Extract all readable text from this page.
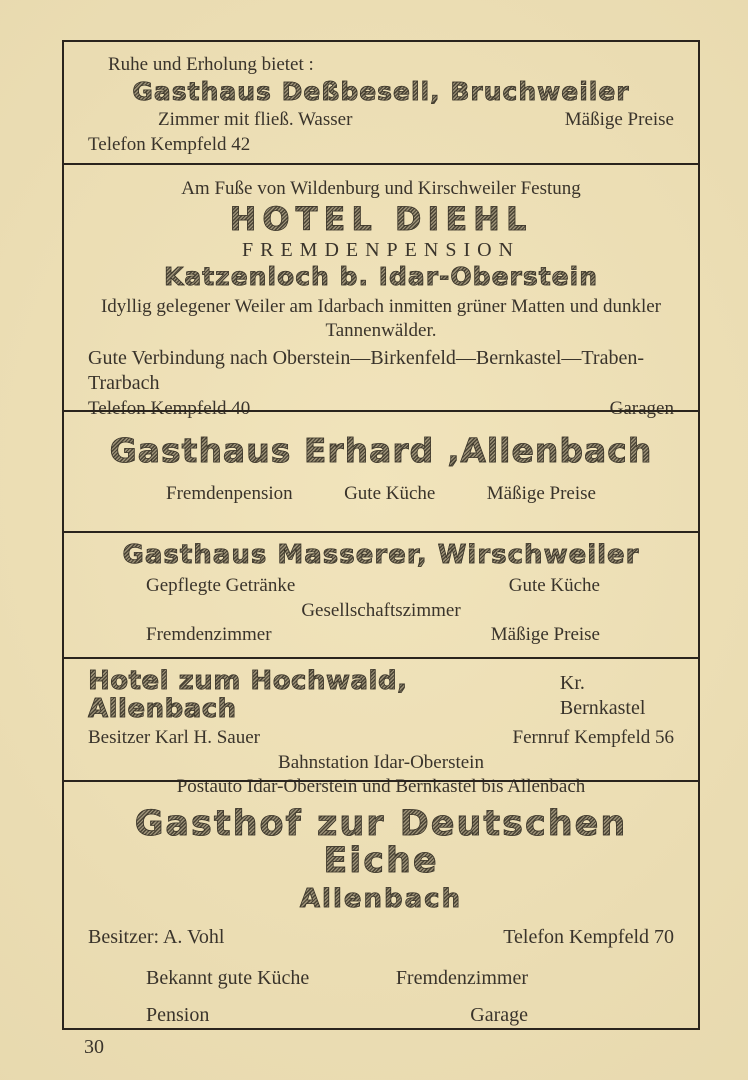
Ruhe und Erholung bietet :
Gasthaus Deßbesell, Bruchweiler
Zimmer mit fließ. Wasser	Mäßige Preise
Telefon Kempfeld 42
Am Fuße von Wildenburg und Kirschweiler Festung
HOTEL DIEHL
FREMDENPENSION
Katzenloch b. Idar-Oberstein
Idyllig gelegener Weiler am Idarbach inmitten grüner Matten und dunkler Tannenwälder.
Gute Verbindung nach Oberstein—Birkenfeld—Bernkastel—Traben-Trarbach
Telefon Kempfeld 40	Garagen
Gasthaus Erhard ‚Allenbach
Fremdenpension	Gute Küche	Mäßige Preise
Gasthaus Masserer, Wirschweiler
Gepflegte Getränke	Gute Küche
Gesellschaftszimmer
Fremdenzimmer	Mäßige Preise
Hotel zum Hochwald, Allenbach
Kr. Bernkastel
Besitzer Karl H. Sauer	Fernruf Kempfeld 56
Bahnstation Idar-Oberstein
Postauto Idar-Oberstein und Bernkastel bis Allenbach
Gasthof zur Deutschen Eiche
Allenbach
Besitzer: A. Vohl	Telefon Kempfeld 70
Bekannt gute Küche	Fremdenzimmer
Pension	Garage
30
